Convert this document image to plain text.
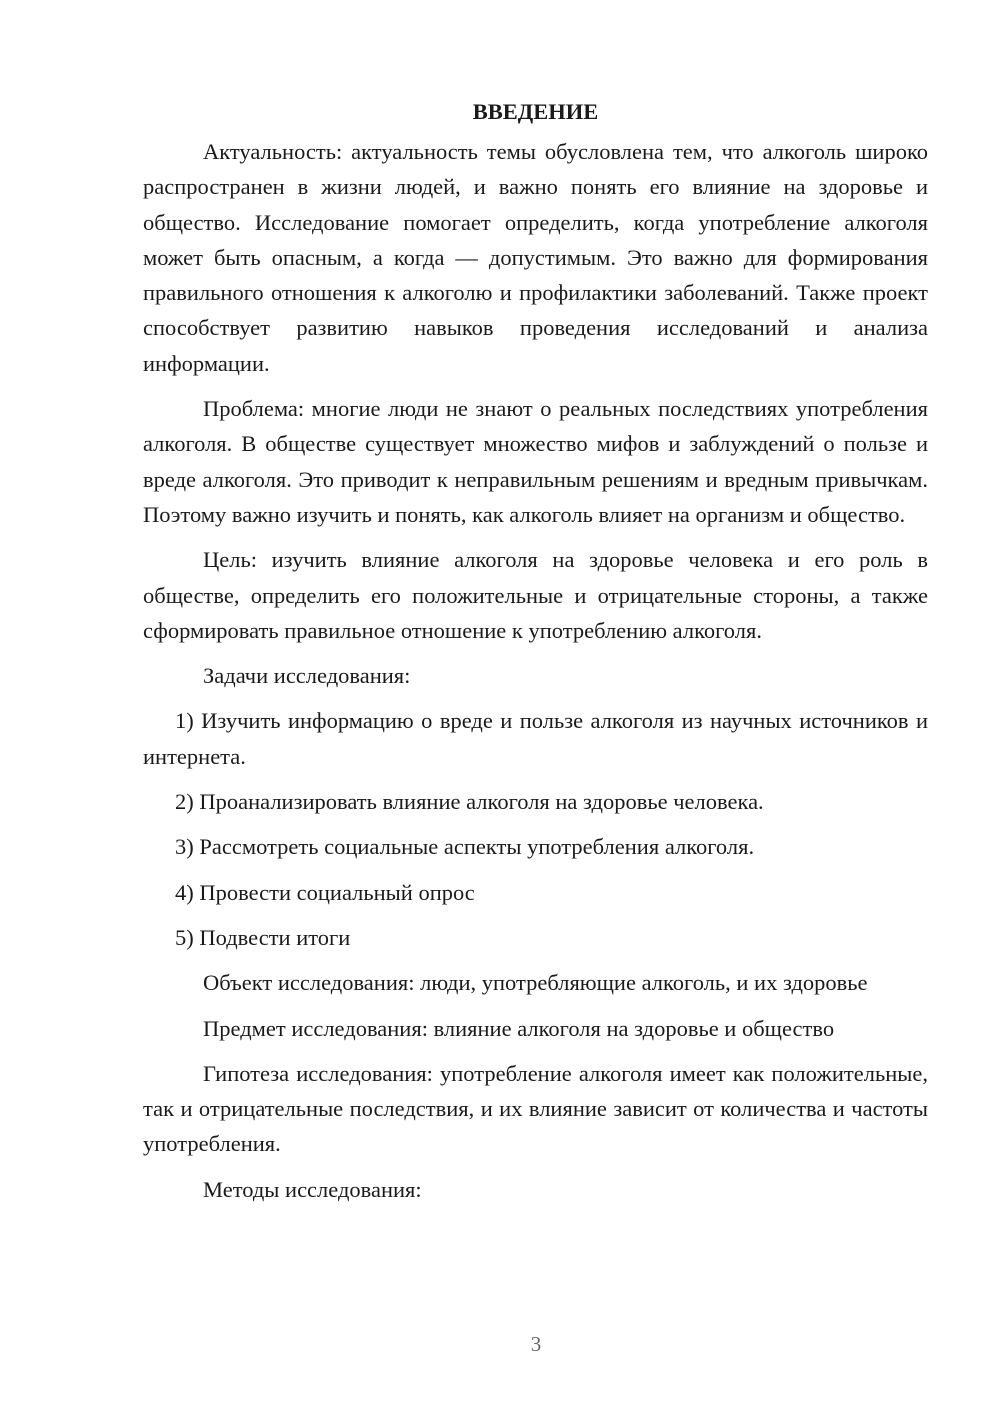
ВВЕДЕНИЕ

Актуальность: актуальность темы обусловлена тем, что алкоголь широко распространен в жизни людей, и важно понять его влияние на здоровье и общество. Исследование помогает определить, когда употребление алкоголя может быть опасным, а когда — допустимым. Это важно для формирования правильного отношения к алкоголю и профилактики заболеваний. Также проект способствует развитию навыков проведения исследований и анализа информации.

Проблема: многие люди не знают о реальных последствиях употребления алкоголя. В обществе существует множество мифов и заблуждений о пользе и вреде алкоголя. Это приводит к неправильным решениям и вредным привычкам. Поэтому важно изучить и понять, как алкоголь влияет на организм и общество.

Цель: изучить влияние алкоголя на здоровье человека и его роль в обществе, определить его положительные и отрицательные стороны, а также сформировать правильное отношение к употреблению алкоголя.

Задачи исследования:

1) Изучить информацию о вреде и пользе алкоголя из научных источников и интернета.

2) Проанализировать влияние алкоголя на здоровье человека.

3) Рассмотреть социальные аспекты употребления алкоголя.

4) Провести социальный опрос

5) Подвести итоги

Объект исследования: люди, употребляющие алкоголь, и их здоровье

Предмет исследования: влияние алкоголя на здоровье и общество

Гипотеза исследования: употребление алкоголя имеет как положительные, так и отрицательные последствия, и их влияние зависит от количества и частоты употребления.

Методы исследования:

3
